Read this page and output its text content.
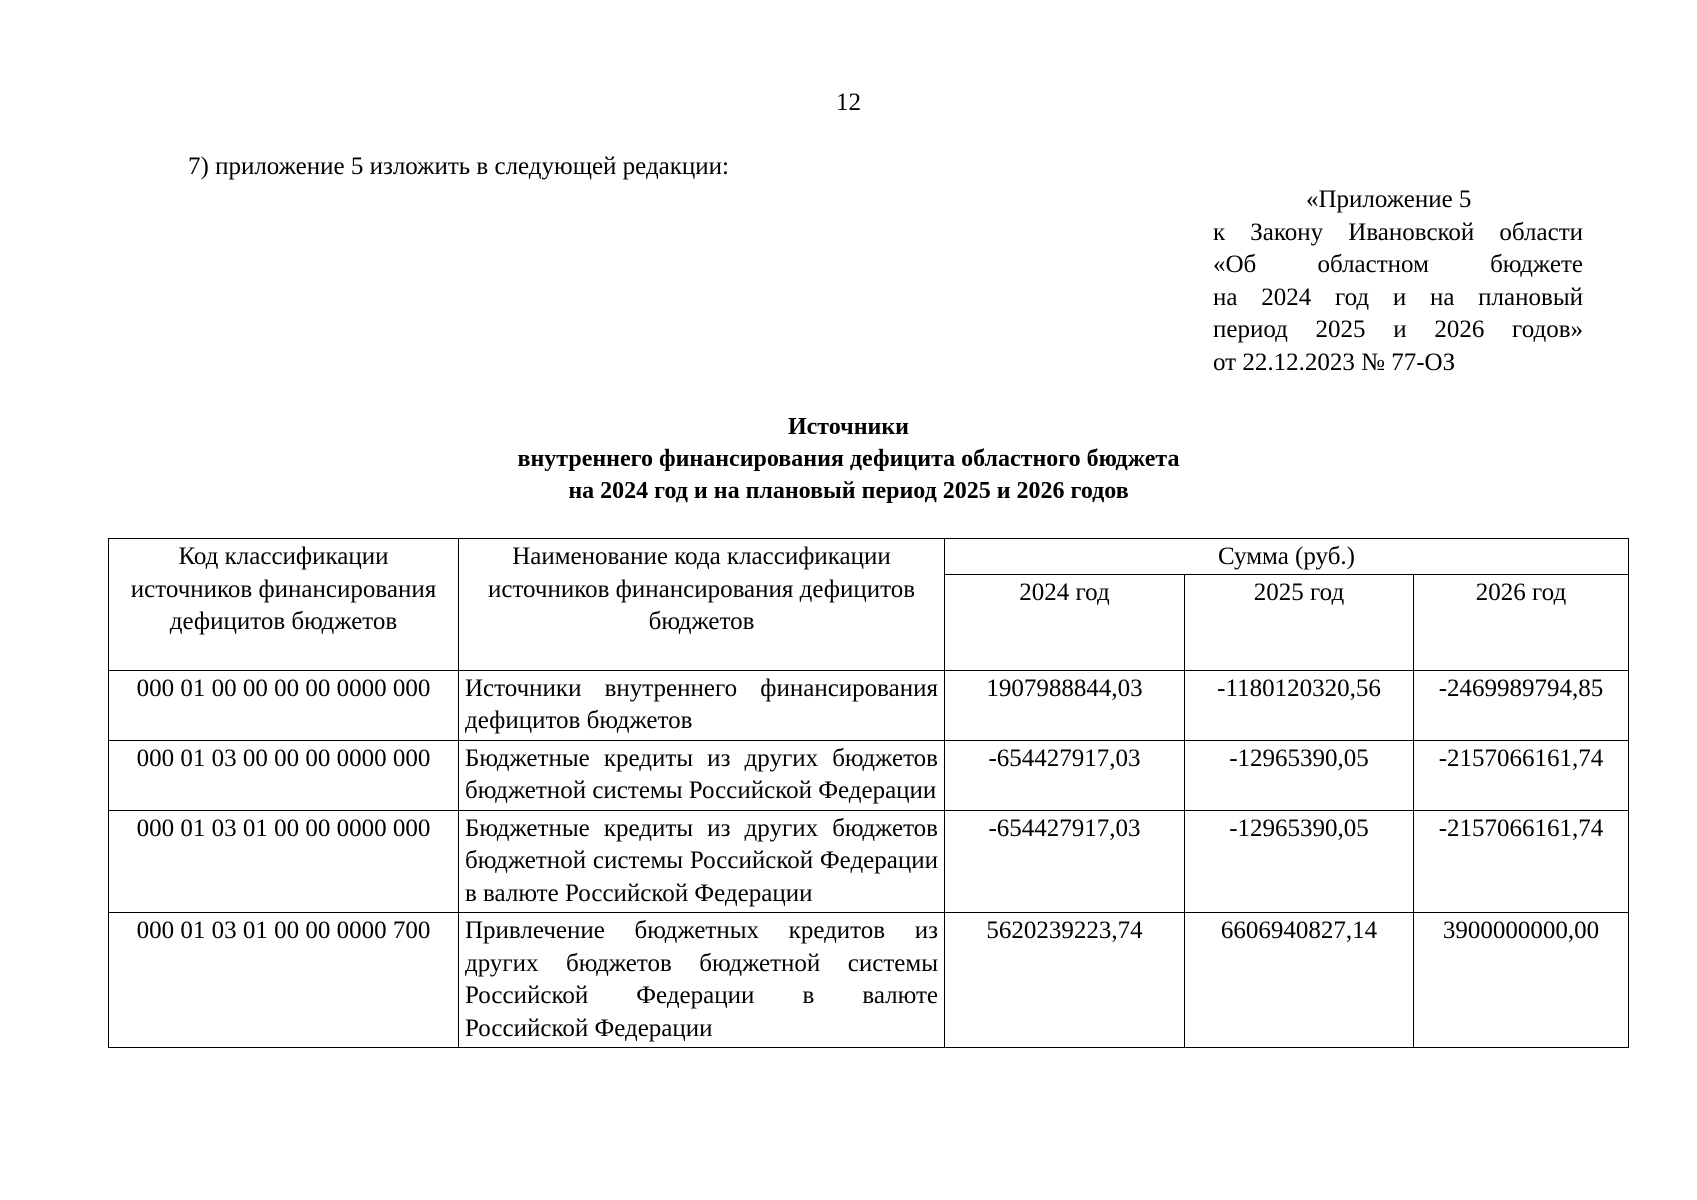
12
7) приложение 5 изложить в следующей редакции:
«Приложение 5
к Закону Ивановской области
«Об областном бюджете
на 2024 год и на плановый
период 2025 и 2026 годов»
от 22.12.2023 № 77-ОЗ
Источники
внутреннего финансирования дефицита областного бюджета
на 2024 год и на плановый период 2025 и 2026 годов
Код классификации источников финансирования дефицитов бюджетов	Наименование кода классификации источников финансирования дефицитов бюджетов	Сумма (руб.)		
		2024 год	2025 год	2026 год
000 01 00 00 00 00 0000 000	Источники внутреннего финансирования дефицитов бюджетов	1907988844,03	-1180120320,56	-2469989794,85
000 01 03 00 00 00 0000 000	Бюджетные кредиты из других бюджетов бюджетной системы Российской Федерации	-654427917,03	-12965390,05	-2157066161,74
000 01 03 01 00 00 0000 000	Бюджетные кредиты из других бюджетов бюджетной системы Российской Федерации в валюте Российской Федерации	-654427917,03	-12965390,05	-2157066161,74
000 01 03 01 00 00 0000 700	Привлечение бюджетных кредитов из других бюджетов бюджетной системы Российской Федерации в валюте Российской Федерации	5620239223,74	6606940827,14	3900000000,00
